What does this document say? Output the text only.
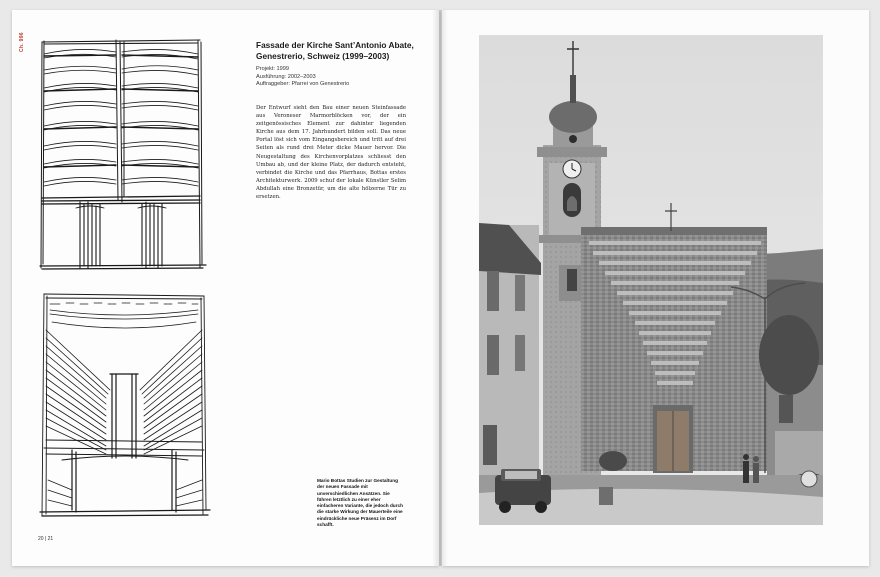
Ch. 996	Fassade der Kirche Sant’Antonio Abate, Genestrerio, Schweiz (1999–2003)
Projekt: 1999
Ausführung: 2002–2003
Auftraggeber: Pfarrei von Genestrerio
Der Entwurf sieht den Bau einer neuen Steinfassade aus Veroneser Marmorblöcken vor, der ein zeitgenössisches Element zur dahinter liegenden Kirche aus dem 17. Jahrhundert bilden soll. Das neue Portal löst sich vom Eingangsbereich und tritt auf drei Seiten als rund drei Meter dicke Mauer hervor. Die Neugestaltung des Kirchenvorplatzes schliesst den Umbau ab, und der kleine Platz, der dadurch entsteht, verbindet die Kirche und das Pfarrhaus, Bottas erstes Architekturwerk. 2009 schuf der lokale Künstler Selim Abdullah eine Bronzetür, um die alte hölzerne Tür zu ersetzen.
Mario Bottas Studien zur Gestaltung der neuen Fassade mit unverschiedlichen Ansätzen. Sie führen letztlich zu einer eher einfacheren Variante, die jedoch durch die starke Wirkung der Mauerteile eine eindrückliche neue Präsenz im Dorf schafft.
20 | 21
